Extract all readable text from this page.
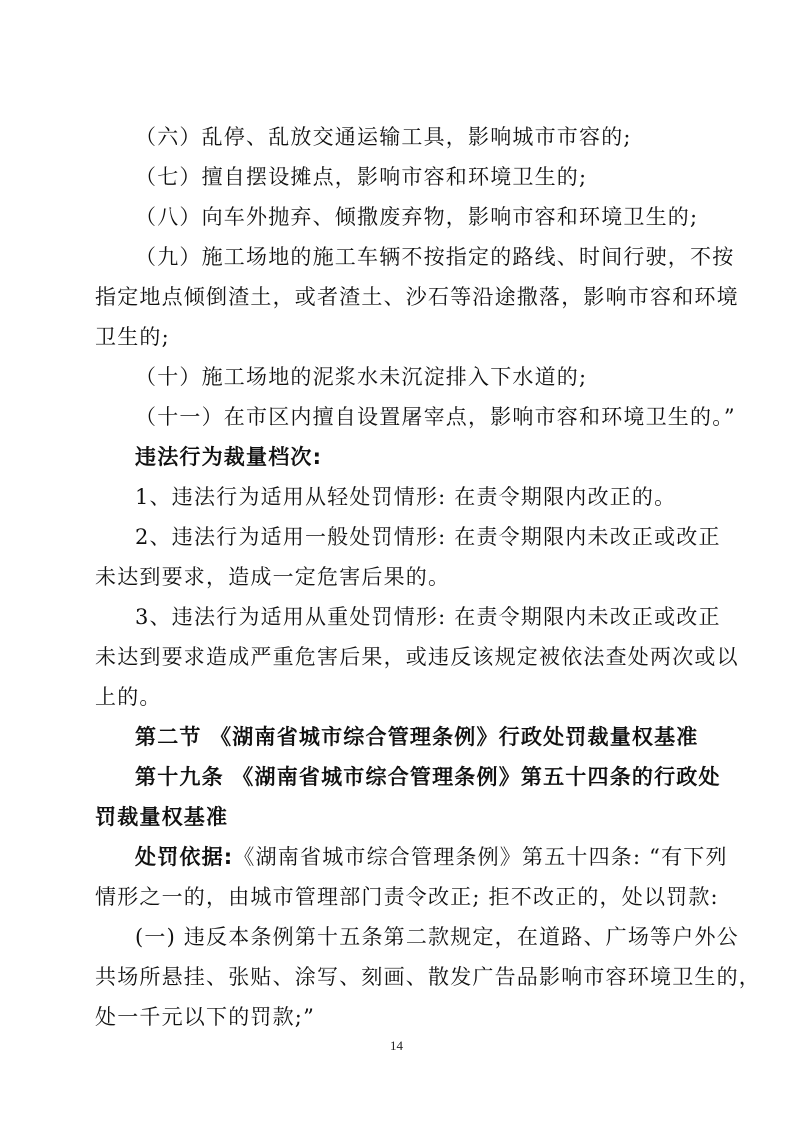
（六）乱停、乱放交通运输工具，影响城市市容的;
（七）擅自摆设摊点，影响市容和环境卫生的;
（八）向车外抛弃、倾撒废弃物，影响市容和环境卫生的;
（九）施工场地的施工车辆不按指定的路线、时间行驶，不按
指定地点倾倒渣土，或者渣土、沙石等沿途撒落，影响市容和环境
卫生的;
（十）施工场地的泥浆水未沉淀排入下水道的;
（十一）在市区内擅自设置屠宰点，影响市容和环境卫生的。”
违法行为裁量档次:
1、违法行为适用从轻处罚情形: 在责令期限内改正的。
2、违法行为适用一般处罚情形: 在责令期限内未改正或改正
未达到要求，造成一定危害后果的。
3、违法行为适用从重处罚情形: 在责令期限内未改正或改正
未达到要求造成严重危害后果，或违反该规定被依法查处两次或以
上的。
第二节 《湖南省城市综合管理条例》行政处罚裁量权基准
第十九条 《湖南省城市综合管理条例》第五十四条的行政处
罚裁量权基准
处罚依据:《湖南省城市综合管理条例》第五十四条: “有下列
情形之一的，由城市管理部门责令改正; 拒不改正的，处以罚款:
(一) 违反本条例第十五条第二款规定，在道路、广场等户外公
共场所悬挂、张贴、涂写、刻画、散发广告品影响市容环境卫生的，
处一千元以下的罚款;”
14
